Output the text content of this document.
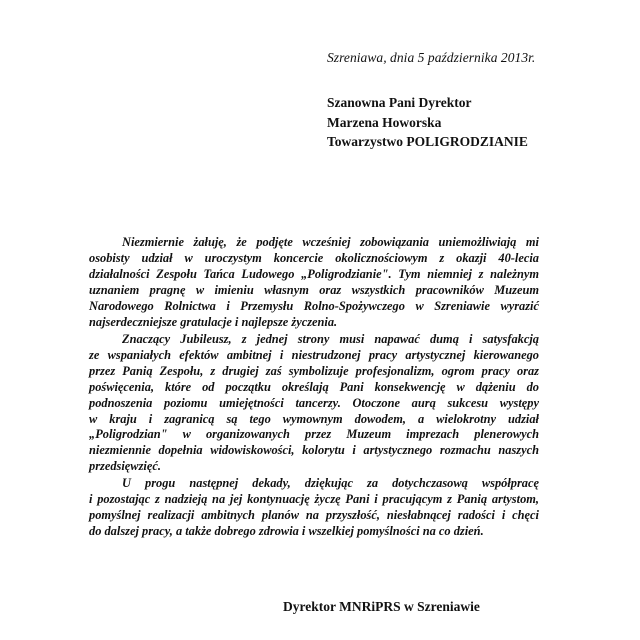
Szreniawa, dnia 5 października 2013r.
Szanowna Pani Dyrektor
Marzena Howorska
Towarzystwo POLIGRODZIANIE
Niezmiernie żałuję, że podjęte wcześniej zobowiązania uniemożliwiają mi
osobisty udział w uroczystym koncercie okolicznościowym z okazji 40-lecia
działalności Zespołu Tańca Ludowego „Poligrodzianie". Tym niemniej z należnym
uznaniem pragnę w imieniu własnym oraz wszystkich pracowników Muzeum
Narodowego Rolnictwa i Przemysłu Rolno-Spożywczego w Szreniawie wyrazić
najserdeczniejsze gratulacje i najlepsze życzenia.
Znaczący Jubileusz, z jednej strony musi napawać dumą i satysfakcją
ze wspaniałych efektów ambitnej i niestrudzonej pracy artystycznej kierowanego
przez Panią Zespołu, z drugiej zaś symbolizuje profesjonalizm, ogrom pracy oraz
poświęcenia, które od początku określają Pani konsekwencję w dążeniu do
podnoszenia poziomu umiejętności tancerzy. Otoczone aurą sukcesu występy
w kraju i zagranicą są tego wymownym dowodem, a wielokrotny udział
„Poligrodzian" w organizowanych przez Muzeum imprezach plenerowych
niezmiennie dopełnia widowiskowości, kolorytu i artystycznego rozmachu naszych
przedsięwzięć.
U progu następnej dekady, dziękując za dotychczasową współpracę
i pozostając z nadzieją na jej kontynuację życzę Pani i pracującym z Panią artystom,
pomyślnej realizacji ambitnych planów na przyszłość, niesłabnącej radości i chęci
do dalszej pracy, a także dobrego zdrowia i wszelkiej pomyślności na co dzień.
Dyrektor MNRiPRS w Szreniawie
